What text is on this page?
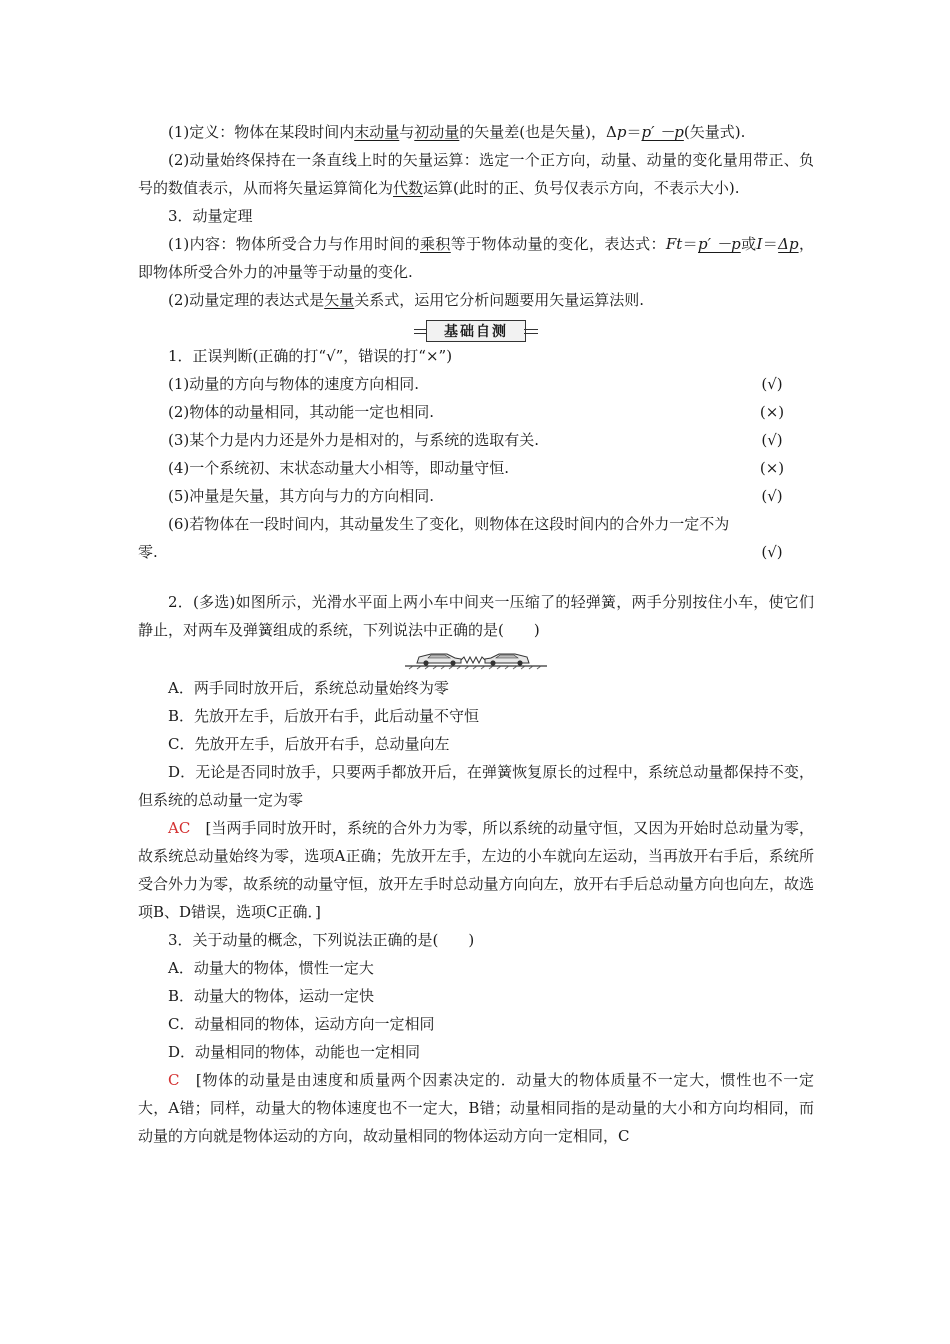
(1)定义：物体在某段时间内末动量与初动量的矢量差(也是矢量)，Δp＝p′ －p(矢量式).

(2)动量始终保持在一条直线上时的矢量运算：选定一个正方向，动量、动量的变化量用带正、负号的数值表示，从而将矢量运算简化为代数运算(此时的正、负号仅表示方向，不表示大小).

3．动量定理

(1)内容：物体所受合力与作用时间的乘积等于物体动量的变化，表达式：Ft＝p′ －p或I＝Δp，即物体所受合外力的冲量等于动量的变化.

(2)动量定理的表达式是矢量关系式，运用它分析问题要用矢量运算法则.

基础自测

1．正误判断(正确的打“√”，错误的打“×”)

(1)动量的方向与物体的速度方向相同.	(√)

(2)物体的动量相同，其动能一定也相同.	(×)

(3)某个力是内力还是外力是相对的，与系统的选取有关.	(√)

(4)一个系统初、末状态动量大小相等，即动量守恒.	(×)

(5)冲量是矢量，其方向与力的方向相同.	(√)

(6)若物体在一段时间内，其动量发生了变化，则物体在这段时间内的合外力一定不为

零.	(√)

2．(多选)如图所示，光滑水平面上两小车中间夹一压缩了的轻弹簧，两手分别按住小车，使它们静止，对两车及弹簧组成的系统，下列说法中正确的是(　　)

A．两手同时放开后，系统总动量始终为零

B．先放开左手，后放开右手，此后动量不守恒

C．先放开左手，后放开右手，总动量向左

D．无论是否同时放手，只要两手都放开后，在弹簧恢复原长的过程中，系统总动量都保持不变，但系统的总动量一定为零

AC　 [当两手同时放开时，系统的合外力为零，所以系统的动量守恒，又因为开始时总动量为零，故系统总动量始终为零，选项A正确；先放开左手，左边的小车就向左运动，当再放开右手后，系统所受合外力为零，故系统的动量守恒，放开左手时总动量方向向左，放开右手后总动量方向也向左，故选项B、D错误，选项C正确．]

3．关于动量的概念，下列说法正确的是(　　)

A．动量大的物体，惯性一定大

B．动量大的物体，运动一定快

C．动量相同的物体，运动方向一定相同

D．动量相同的物体，动能也一定相同

C　 [物体的动量是由速度和质量两个因素决定的．动量大的物体质量不一定大，惯性也不一定大，A错；同样，动量大的物体速度也不一定大，B错；动量相同指的是动量的大小和方向均相同，而动量的方向就是物体运动的方向，故动量相同的物体运动方向一定相同，C
